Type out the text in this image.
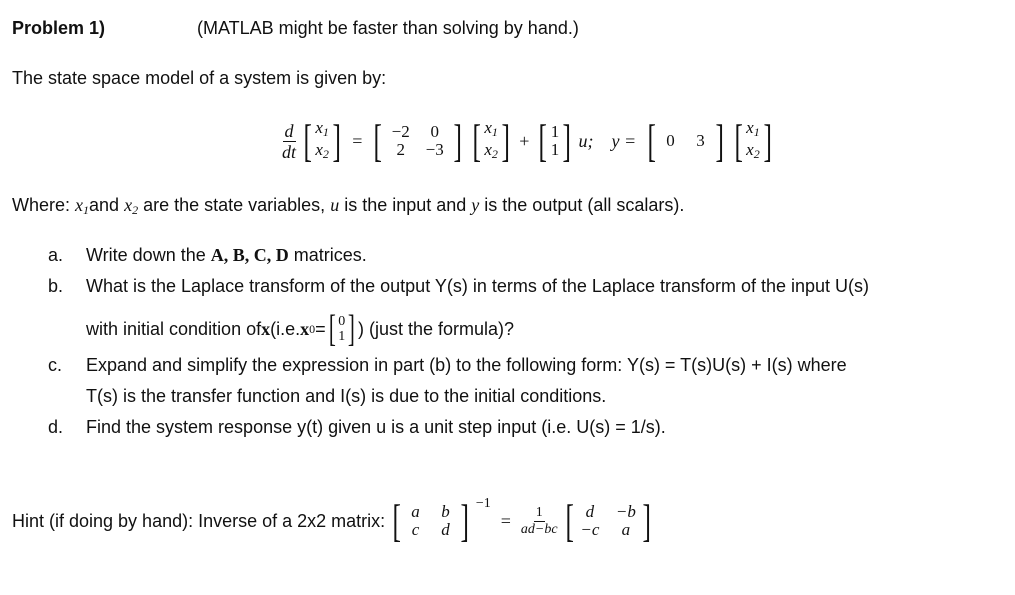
Problem 1)	(MATLAB might be faster than solving by hand.)
The state space model of a system is given by:
$\frac{d}{dt}$ [ $x_1$
$x_2$ ] = [ −2	0
2	−3 ] [ $x_1$
$x_2$ ] + [ 1
1 ] u; y = [ 0	3 ] [ $x_1$
$x_2$ ]
Where: $x_1and$ $x_2$ are the state variables, u is the input and y is the output (all scalars).
a. Write down the A, B, C, D matrices.
b. What is the Laplace transform of the output Y(s) in terms of the Laplace transform of the input U(s)
with initial condition of x (i.e. x 0 = [ 0
1 ] ) (just the formula)?
c. Expand and simplify the expression in part (b) to the following form: Y(s) = T(s)U(s) + I(s) where
T(s) is the transfer function and I(s) is due to the initial conditions.
d. Find the system response y(t) given u is a unit step input (i.e. U(s) = 1/s).
Hint (if doing by hand): Inverse of a 2x2 matrix: [ a	b
c	d ] $^{-1}$
= $\frac{1}{ad-bc}$ [ d	−b
−c	a ]
